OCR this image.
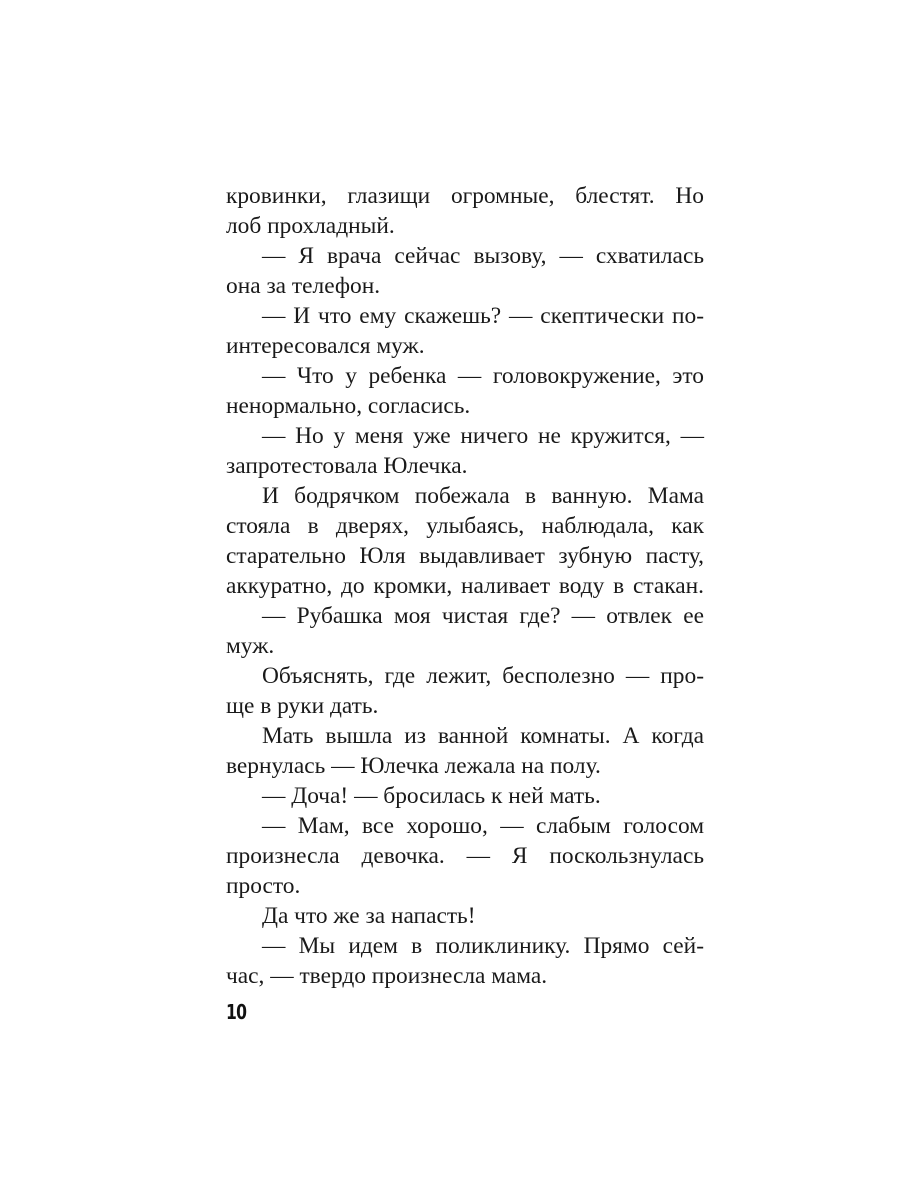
кровинки, глазищи огромные, блестят. Но
лоб прохладный.
— Я врача сейчас вызову, — схватилась
она за телефон.
— И что ему скажешь? — скептически по-
интересовался муж.
— Что у ребенка — головокружение, это
ненормально, согласись.
— Но у меня уже ничего не кружится, —
запротестовала Юлечка.
И бодрячком побежала в ванную. Мама
стояла в дверях, улыбаясь, наблюдала, как
старательно Юля выдавливает зубную пасту,
аккуратно, до кромки, наливает воду в стакан.
— Рубашка моя чистая где? — отвлек ее
муж.
Объяснять, где лежит, бесполезно — про-
ще в руки дать.
Мать вышла из ванной комнаты. А когда
вернулась — Юлечка лежала на полу.
— Доча! — бросилась к ней мать.
— Мам, все хорошо, — слабым голосом
произнесла девочка. — Я поскользнулась
просто.
Да что же за напасть!
— Мы идем в поликлинику. Прямо сей-
час, — твердо произнесла мама.
10
